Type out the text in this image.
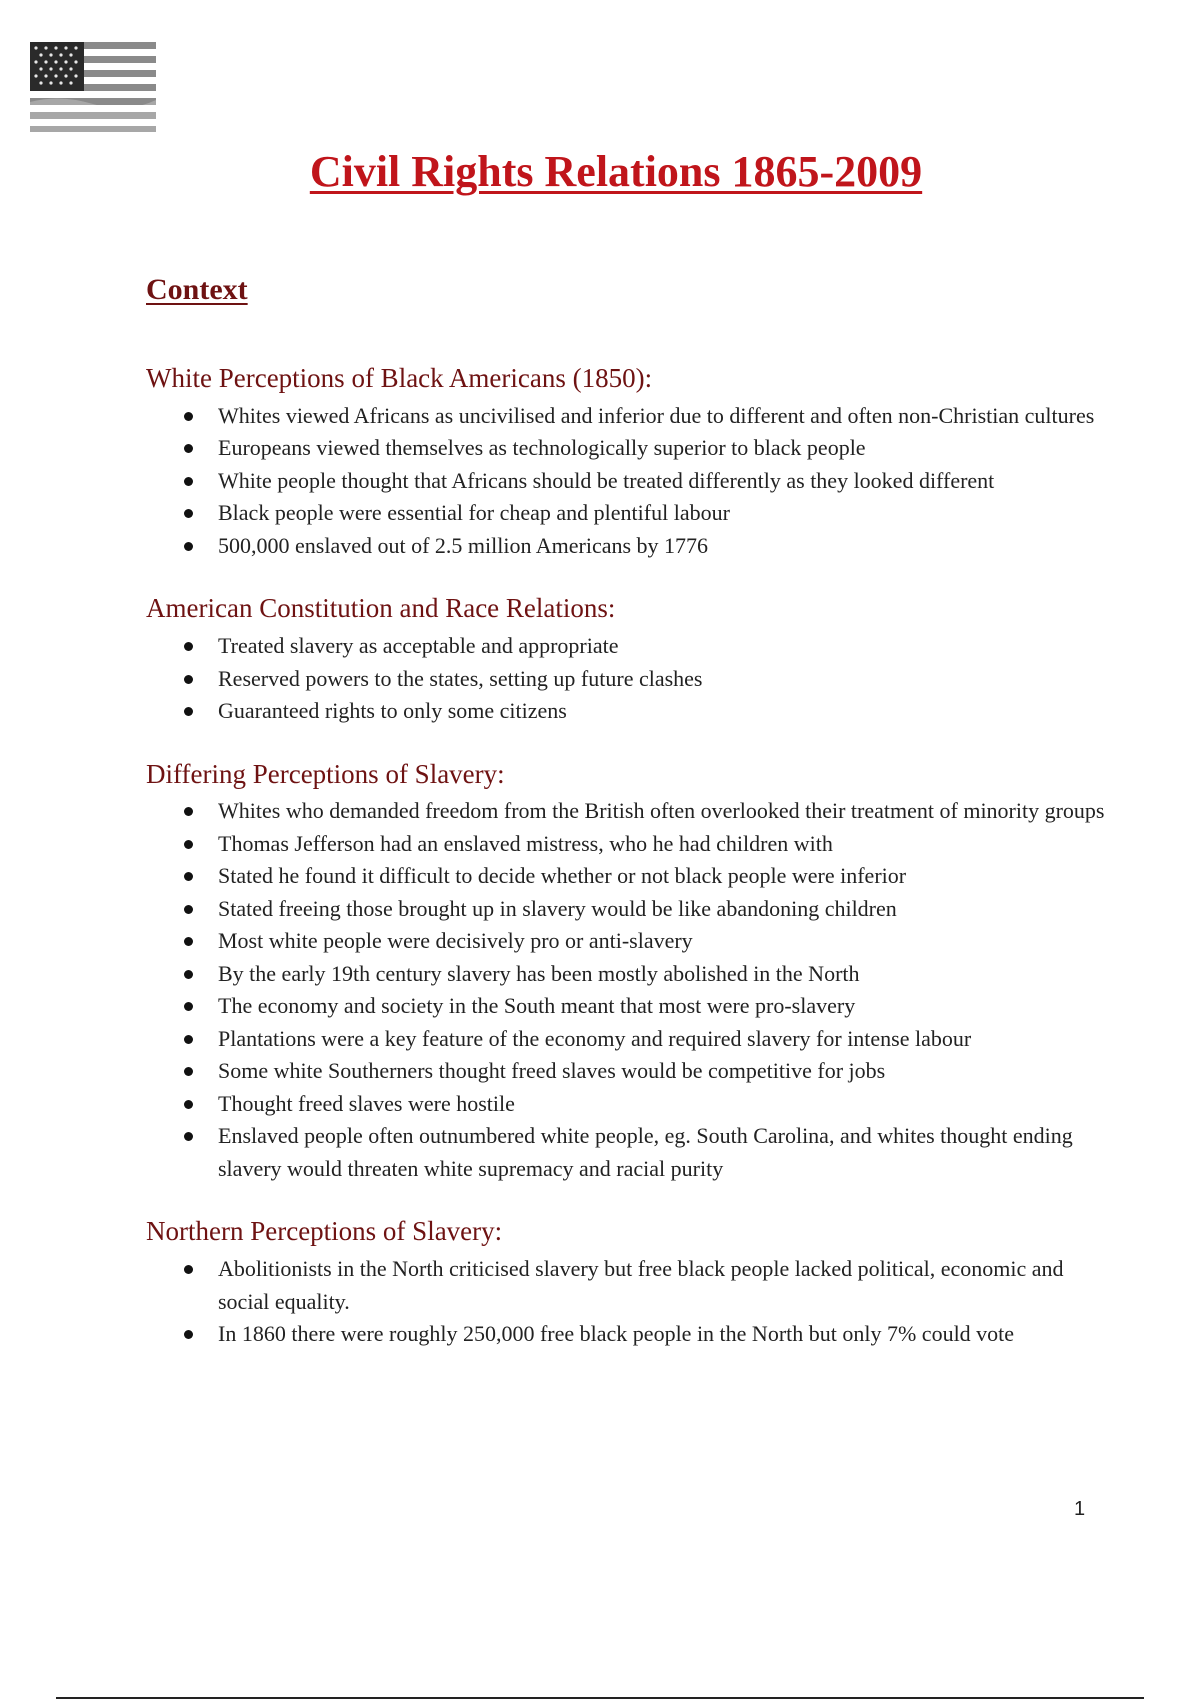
Civil Rights Relations 1865-2009
Context
White Perceptions of Black Americans (1850):
Whites viewed Africans as uncivilised and inferior due to different and often non-Christian cultures
Europeans viewed themselves as technologically superior to black people
White people thought that Africans should be treated differently as they looked different
Black people were essential for cheap and plentiful labour
500,000 enslaved out of 2.5 million Americans by 1776
American Constitution and Race Relations:
Treated slavery as acceptable and appropriate
Reserved powers to the states, setting up future clashes
Guaranteed rights to only some citizens
Differing Perceptions of Slavery:
Whites who demanded freedom from the British often overlooked their treatment of minority groups
Thomas Jefferson had an enslaved mistress, who he had children with
Stated he found it difficult to decide whether or not black people were inferior
Stated freeing those brought up in slavery would be like abandoning children
Most white people were decisively pro or anti-slavery
By the early 19th century slavery has been mostly abolished in the North
The economy and society in the South meant that most were pro-slavery
Plantations were a key feature of the economy and required slavery for intense labour
Some white Southerners thought freed slaves would be competitive for jobs
Thought freed slaves were hostile
Enslaved people often outnumbered white people, eg. South Carolina, and whites thought ending slavery would threaten white supremacy and racial purity
Northern Perceptions of Slavery:
Abolitionists in the North criticised slavery but free black people lacked political, economic and social equality.
In 1860 there were roughly 250,000 free black people in the North but only 7% could vote
1
